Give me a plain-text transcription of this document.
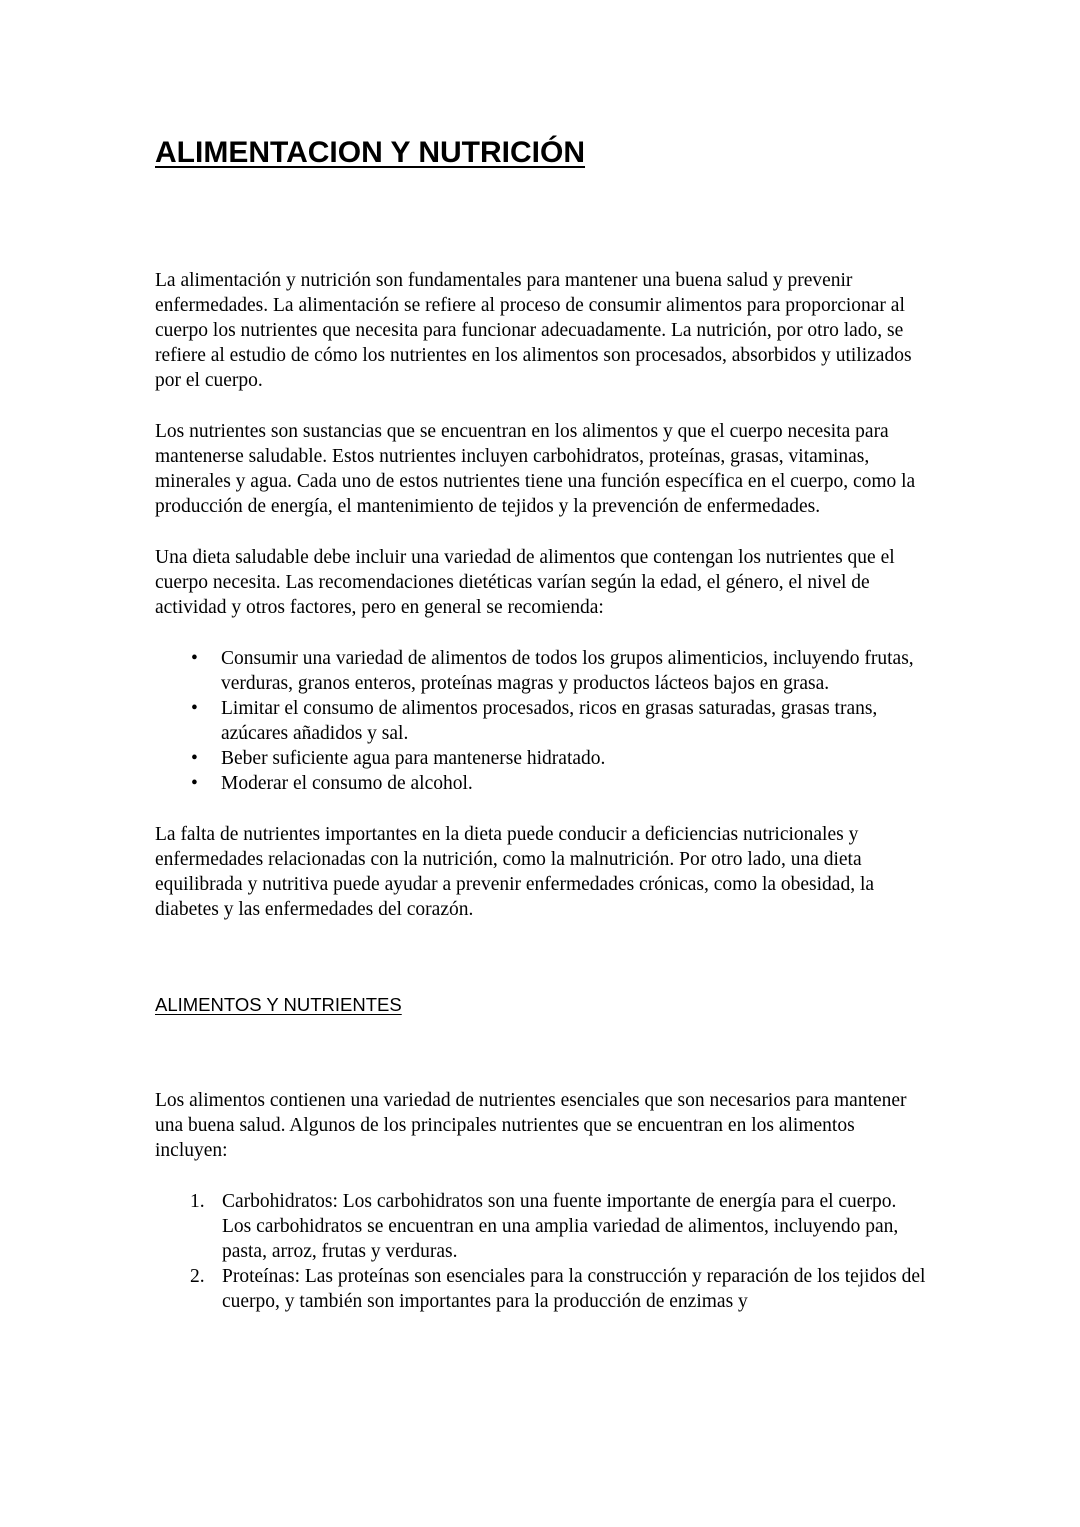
ALIMENTACION Y NUTRICIÓN

La alimentación y nutrición son fundamentales para mantener una buena salud y prevenir enfermedades. La alimentación se refiere al proceso de consumir alimentos para proporcionar al cuerpo los nutrientes que necesita para funcionar adecuadamente. La nutrición, por otro lado, se refiere al estudio de cómo los nutrientes en los alimentos son procesados, absorbidos y utilizados por el cuerpo.

Los nutrientes son sustancias que se encuentran en los alimentos y que el cuerpo necesita para mantenerse saludable. Estos nutrientes incluyen carbohidratos, proteínas, grasas, vitaminas, minerales y agua. Cada uno de estos nutrientes tiene una función específica en el cuerpo, como la producción de energía, el mantenimiento de tejidos y la prevención de enfermedades.

Una dieta saludable debe incluir una variedad de alimentos que contengan los nutrientes que el cuerpo necesita. Las recomendaciones dietéticas varían según la edad, el género, el nivel de actividad y otros factores, pero en general se recomienda:

• Consumir una variedad de alimentos de todos los grupos alimenticios, incluyendo frutas, verduras, granos enteros, proteínas magras y productos lácteos bajos en grasa.
• Limitar el consumo de alimentos procesados, ricos en grasas saturadas, grasas trans, azúcares añadidos y sal.
• Beber suficiente agua para mantenerse hidratado.
• Moderar el consumo de alcohol.

La falta de nutrientes importantes en la dieta puede conducir a deficiencias nutricionales y enfermedades relacionadas con la nutrición, como la malnutrición. Por otro lado, una dieta equilibrada y nutritiva puede ayudar a prevenir enfermedades crónicas, como la obesidad, la diabetes y las enfermedades del corazón.

ALIMENTOS Y NUTRIENTES

Los alimentos contienen una variedad de nutrientes esenciales que son necesarios para mantener una buena salud. Algunos de los principales nutrientes que se encuentran en los alimentos incluyen:

Carbohidratos: Los carbohidratos son una fuente importante de energía para el cuerpo. Los carbohidratos se encuentran en una amplia variedad de alimentos, incluyendo pan, pasta, arroz, frutas y verduras.
Proteínas: Las proteínas son esenciales para la construcción y reparación de los tejidos del cuerpo, y también son importantes para la producción de enzimas y
